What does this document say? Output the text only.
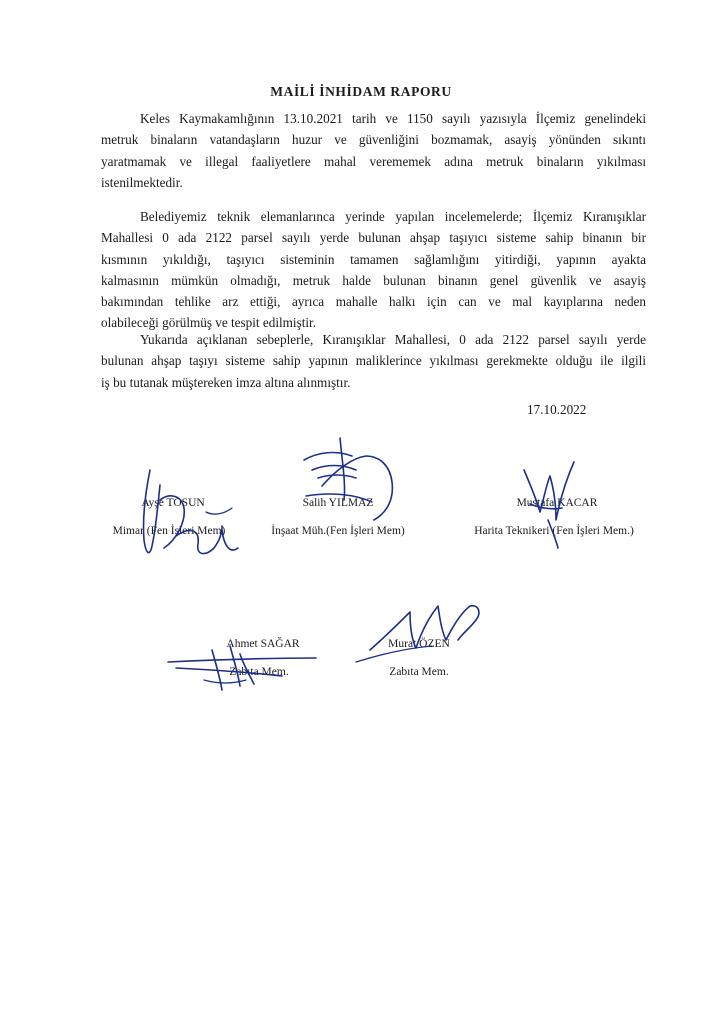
MAİLİ İNHİDAM RAPORU
Keles Kaymakamlığının 13.10.2021 tarih ve 1150 sayılı yazısıyla İlçemiz genelindeki
metruk binaların vatandaşların huzur ve güvenliğini bozmamak, asayiş yönünden sıkıntı
yaratmamak ve illegal faaliyetlere mahal verememek adına metruk binaların yıkılması
istenilmektedir.
Belediyemiz teknik elemanlarınca yerinde yapılan incelemelerde; İlçemiz Kıranışıklar
Mahallesi 0 ada 2122 parsel sayılı yerde bulunan ahşap taşıyıcı sisteme sahip binanın bir
kısmının yıkıldığı, taşıyıcı sisteminin tamamen sağlamlığını yitirdiği, yapının ayakta
kalmasının mümkün olmadığı, metruk halde bulunan binanın genel güvenlik ve asayiş
bakımından tehlike arz ettiği, ayrıca mahalle halkı için can ve mal kayıplarına neden
olabileceği görülmüş ve tespit edilmiştir.
Yukarıda açıklanan sebeplerle, Kıranışıklar Mahallesi, 0 ada 2122 parsel sayılı yerde
bulunan ahşap taşıyı sisteme sahip yapının maliklerince yıkılması gerekmekte olduğu ile ilgili
iş bu tutanak müştereken imza altına alınmıştır.
17.10.2022
Ayşe TOSUN
Mimar (Fen İşleri Mem)
Salih YILMAZ
İnşaat Müh.(Fen İşleri Mem)
Mustafa KACAR
Harita Teknikeri (Fen İşleri Mem.)
Ahmet SAĞAR
Zabıta Mem.
Murat ÖZEN
Zabıta Mem.
